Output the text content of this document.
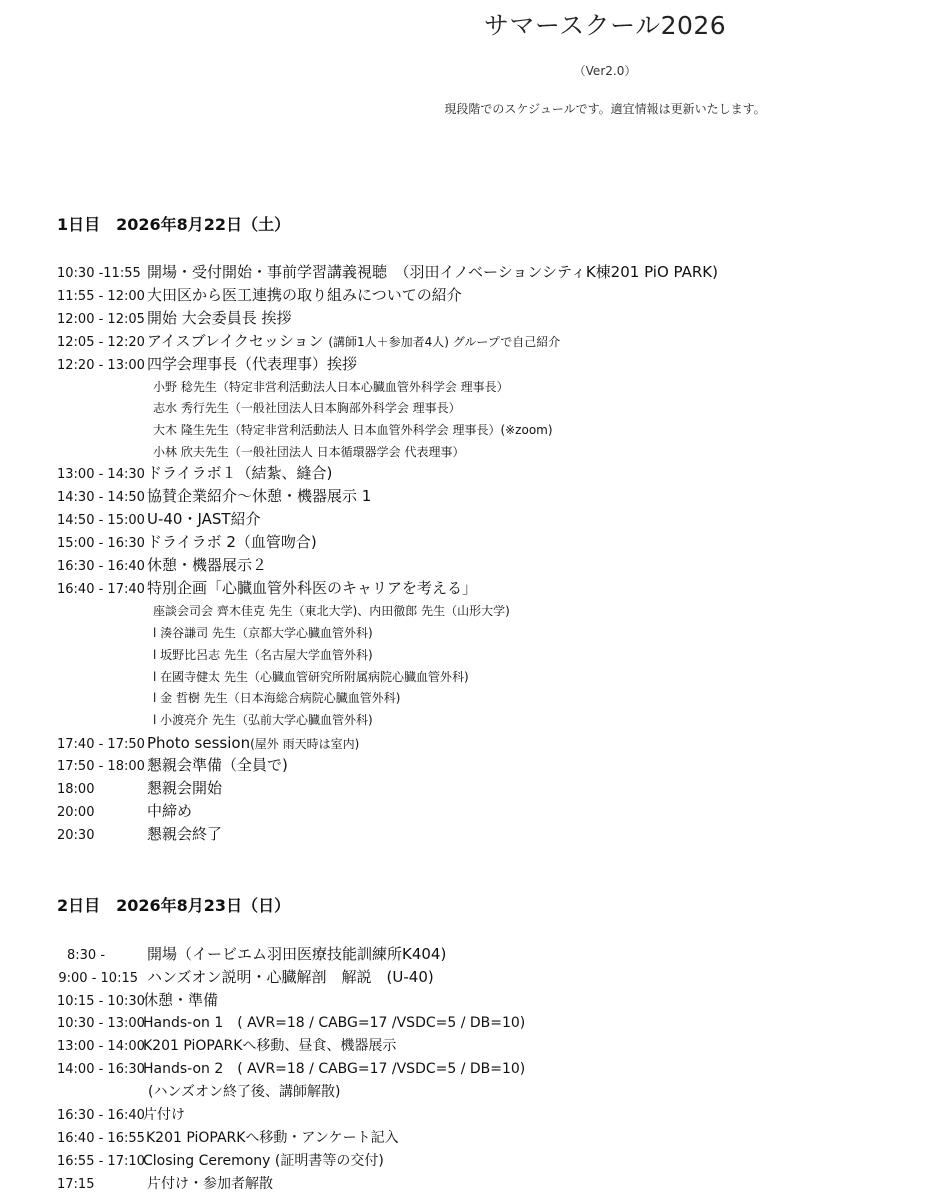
サマースクール2026
（Ver2.0）
現段階でのスケジュールです。適宜情報は更新いたします。
1日目　2026年8月22日（土）
10:30 -11:55 開場・受付開始・事前学習講義視聴　（羽田イノベーションシティK棟201 PiO PARK)
11:55 - 12:00 大田区から医工連携の取り組みについての紹介
12:00 - 12:05 開始 大会委員長 挨拶
12:05 - 12:20 アイスブレイクセッション (講師1人＋参加者4人) グループで自己紹介
12:20 - 13:00 四学会理事長（代表理事）挨拶
小野 稔先生（特定非営利活動法人日本心臓血管外科学会 理事長）
志水 秀行先生（一般社団法人日本胸部外科学会 理事長）
大木 隆生先生（特定非営利活動法人 日本血管外科学会 理事長）(※zoom)
小林 欣夫先生（一般社団法人 日本循環器学会 代表理事）
13:00 - 14:30 ドライラボ１（結紮、縫合)
14:30 - 14:50 協賛企業紹介〜休憩・機器展示 1
14:50 - 15:00 U-40・JAST紹介
15:00 - 16:30 ドライラボ 2（血管吻合)
16:30 - 16:40 休憩・機器展示２
16:40 - 17:40 特別企画「心臓血管外科医のキャリアを考える」
座談会司会 齊木佳克 先生（東北大学)、内田徹郎 先生（山形大学)
l 湊谷謙司 先生（京都大学心臓血管外科)
l 坂野比呂志 先生（名古屋大学血管外科)
l 在國寺健太 先生（心臓血管研究所附属病院心臓血管外科)
l 金 哲樹 先生（日本海総合病院心臓血管外科)
l 小渡亮介 先生（弘前大学心臓血管外科)
17:40 - 17:50 Photo session(屋外 雨天時は室内)
17:50 - 18:00 懇親会準備（全員で)
18:00	懇親会開始
20:00	中締め
20:30	懇親会終了
2日目　2026年8月23日（日）
8:30 -	開場（イービエム羽田医療技能訓練所K404)
9:00 - 10:15 ハンズオン説明・心臓解剖　解説　(U-40)
10:15 - 10:30休憩・準備
10:30 - 13:00Hands-on 1　( AVR=18 / CABG=17 /VSDC=5 / DB=10)
13:00 - 14:00K201 PiOPARKへ移動、昼食、機器展示
14:00 - 16:30Hands-on 2　( AVR=18 / CABG=17 /VSDC=5 / DB=10)
(ハンズオン終了後、講師解散)
16:30 - 16:40片付け
16:40 - 16:55K201 PiOPARKへ移動・アンケート記入
16:55 - 17:10Closing Ceremony (証明書等の交付)
17:15	片付け・参加者解散
